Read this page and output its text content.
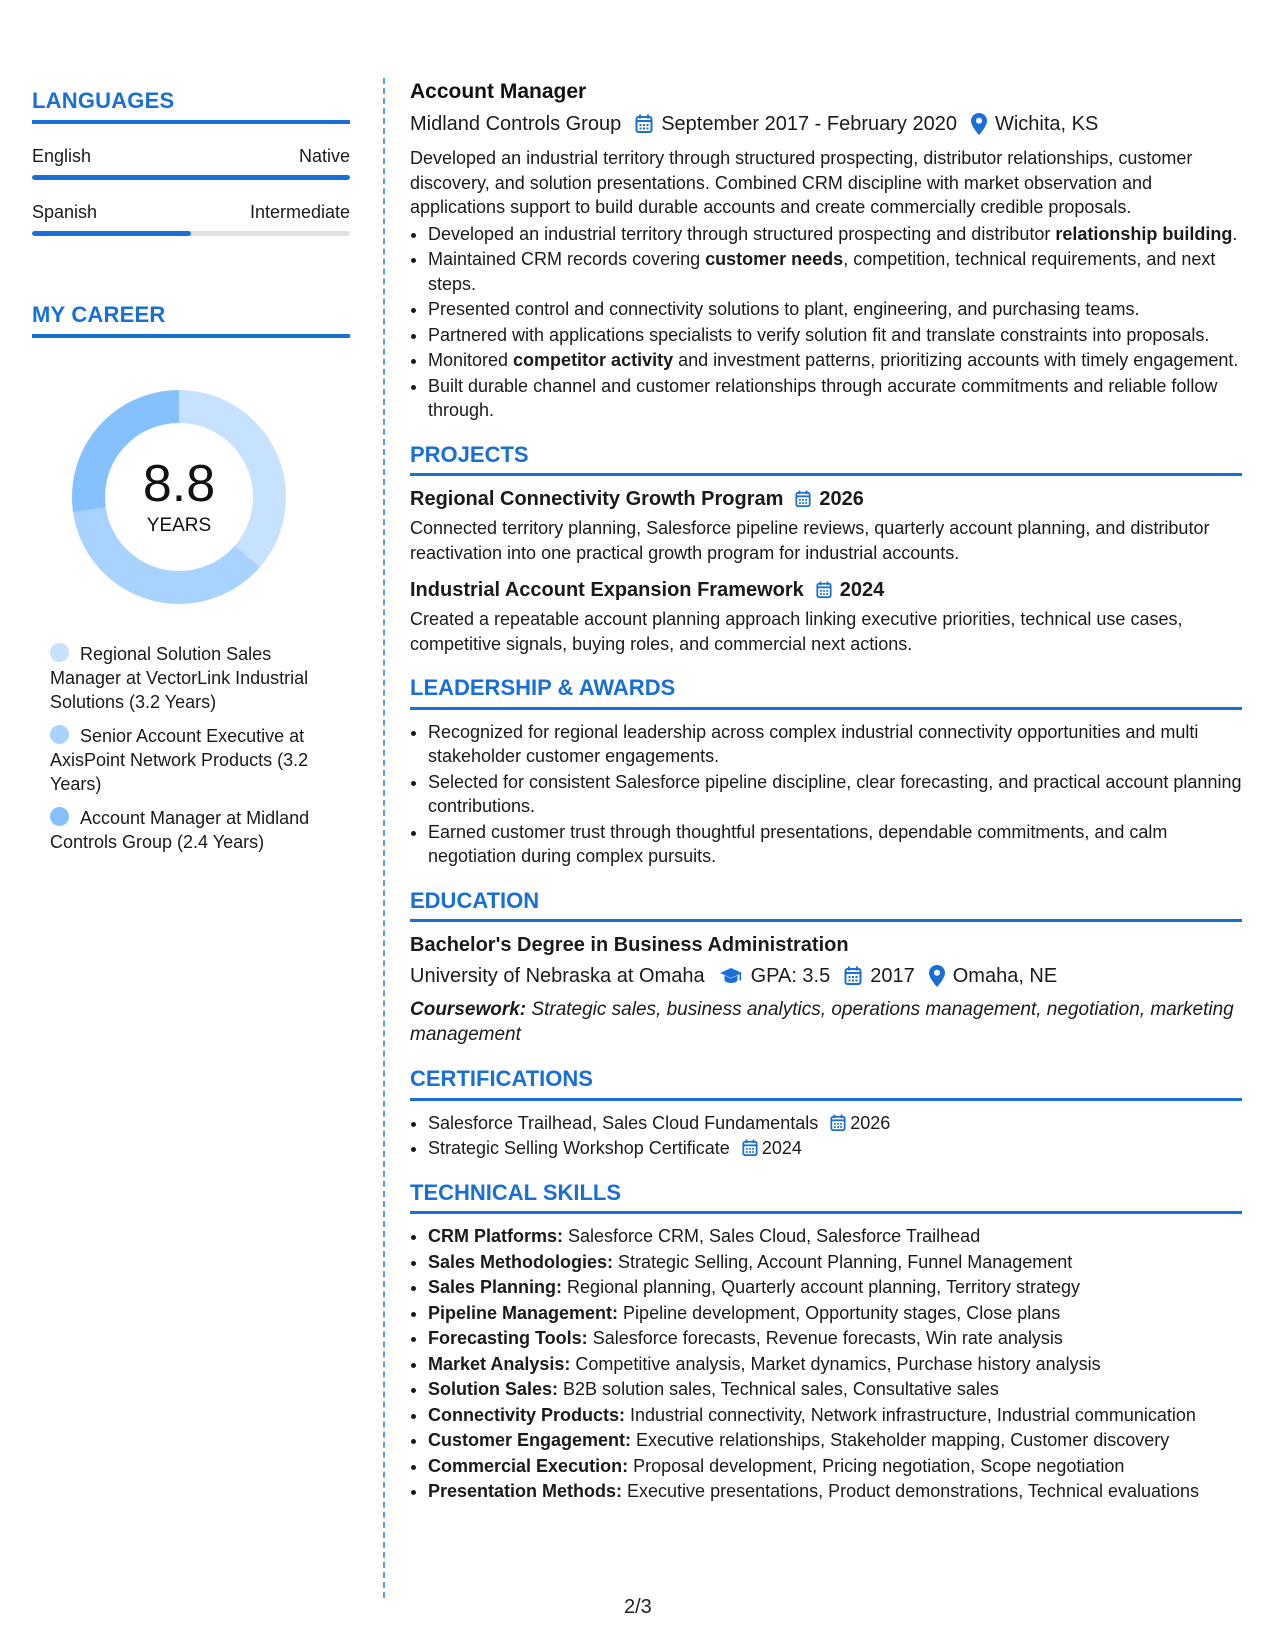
LANGUAGES
English	Native
Spanish	Intermediate
MY CAREER
8.8
YEARS
Regional Solution Sales Manager at VectorLink Industrial Solutions (3.2 Years)
Senior Account Executive at AxisPoint Network Products (3.2 Years)
Account Manager at Midland Controls Group (2.4 Years)
Account Manager
Midland Controls Group September 2017 - February 2020 Wichita, KS

Developed an industrial territory through structured prospecting, distributor relationships, customer discovery, and solution presentations. Combined CRM discipline with market observation and applications support to build durable accounts and create commercially credible proposals.

• Developed an industrial territory through structured prospecting and distributor relationship building.
• Maintained CRM records covering customer needs, competition, technical requirements, and next steps.
• Presented control and connectivity solutions to plant, engineering, and purchasing teams.
• Partnered with applications specialists to verify solution fit and translate constraints into proposals.
• Monitored competitor activity and investment patterns, prioritizing accounts with timely engagement.
• Built durable channel and customer relationships through accurate commitments and reliable follow through.
PROJECTS
Regional Connectivity Growth Program 2026

Connected territory planning, Salesforce pipeline reviews, quarterly account planning, and distributor reactivation into one practical growth program for industrial accounts.

Industrial Account Expansion Framework 2024

Created a repeatable account planning approach linking executive priorities, technical use cases, competitive signals, buying roles, and commercial next actions.

LEADERSHIP & AWARDS
• Recognized for regional leadership across complex industrial connectivity opportunities and multi stakeholder customer engagements.
• Selected for consistent Salesforce pipeline discipline, clear forecasting, and practical account planning contributions.
• Earned customer trust through thoughtful presentations, dependable commitments, and calm negotiation during complex pursuits.
EDUCATION
Bachelor's Degree in Business Administration
University of Nebraska at Omaha GPA: 3.5 2017 Omaha, NE

Coursework: Strategic sales, business analytics, operations management, negotiation, marketing management

CERTIFICATIONS
• Salesforce Trailhead, Sales Cloud Fundamentals 2026
• Strategic Selling Workshop Certificate 2024
TECHNICAL SKILLS
• CRM Platforms: Salesforce CRM, Sales Cloud, Salesforce Trailhead
• Sales Methodologies: Strategic Selling, Account Planning, Funnel Management
• Sales Planning: Regional planning, Quarterly account planning, Territory strategy
• Pipeline Management: Pipeline development, Opportunity stages, Close plans
• Forecasting Tools: Salesforce forecasts, Revenue forecasts, Win rate analysis
• Market Analysis: Competitive analysis, Market dynamics, Purchase history analysis
• Solution Sales: B2B solution sales, Technical sales, Consultative sales
• Connectivity Products: Industrial connectivity, Network infrastructure, Industrial communication
• Customer Engagement: Executive relationships, Stakeholder mapping, Customer discovery
• Commercial Execution: Proposal development, Pricing negotiation, Scope negotiation
• Presentation Methods: Executive presentations, Product demonstrations, Technical evaluations
2/3
